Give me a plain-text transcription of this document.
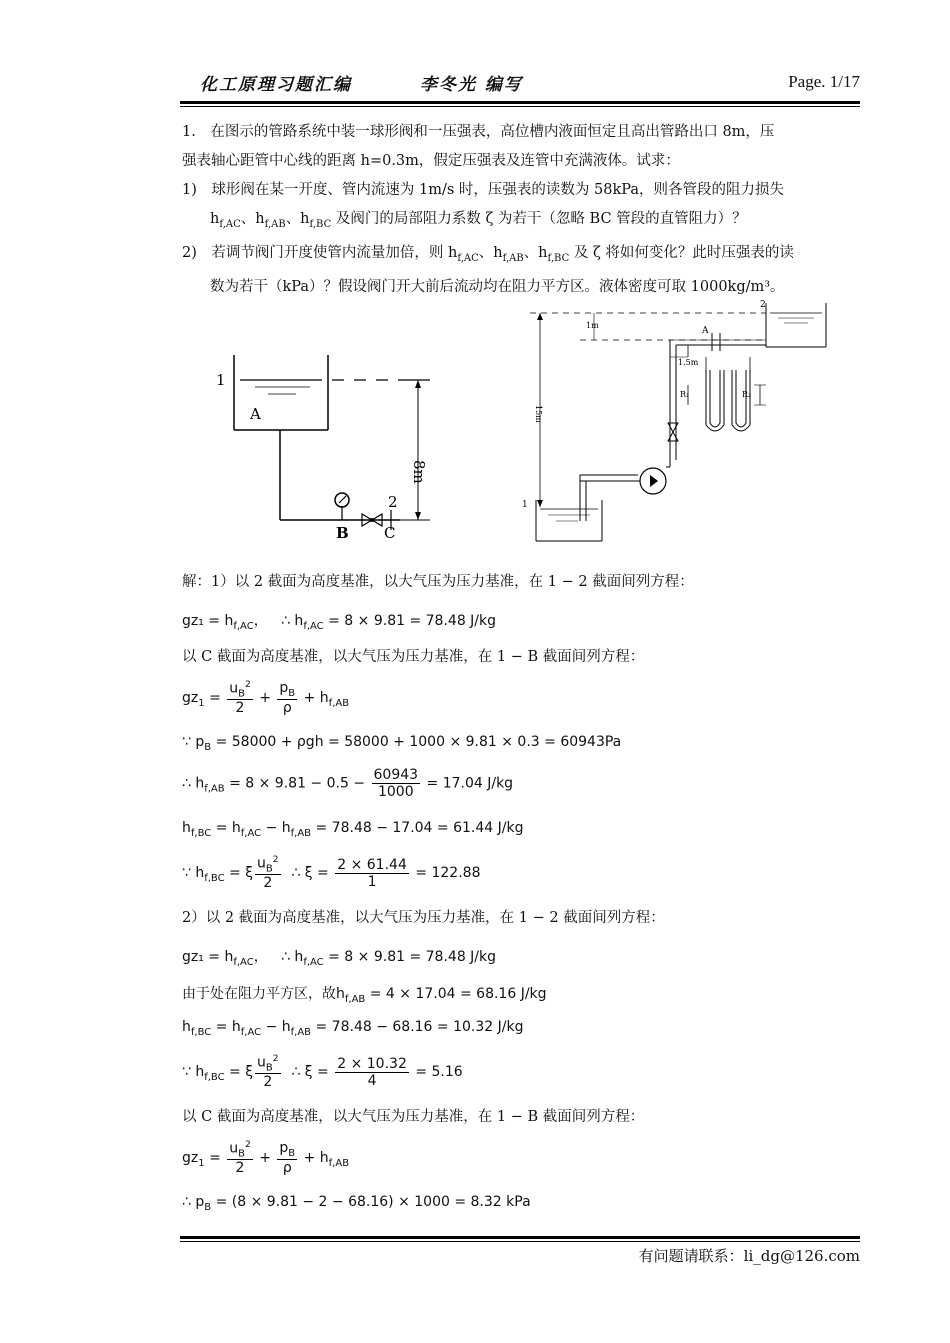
化工原理习题汇编	李冬光 编写	Page. 1/17

1.　在图示的管路系统中装一球形阀和一压强表，高位槽内液面恒定且高出管路出口 8m，压

强表轴心距管中心线的距离 h=0.3m，假定压强表及连管中充满液体。试求：

1)　球形阀在某一开度、管内流速为 1m/s 时，压强表的读数为 58kPa，则各管段的阻力损失

$h_{f,AC}$、$h_{f,AB}$、$h_{f,BC}$ 及阀门的局部阻力系数 ζ 为若干（忽略 BC 管段的直管阻力）？

2)　若调节阀门开度使管内流量加倍，则 $h_{f,AC}$、$h_{f,AB}$、$h_{f,BC}$ 及 ζ 将如何变化？此时压强表的读

数为若干（kPa）？假设阀门开大前后流动均在阻力平方区。液体密度可取 1000kg/m³。

1
A
8m
2
B C
2
1m
A
15m
1
1.5m
R₁	R₂
解：1）以 2 截面为高度基准，以大气压为压力基准，在 1 − 2 截面间列方程：
$gz_1 = h_{f,AC}$，   ∴ $h_{f,AC} = 8 \times 9.81 = 78.48$ J/kg
以 C 截面为高度基准，以大气压为压力基准，在 1 − B 截面间列方程：
$gz_1 = \frac{u_B^2}{2} + \frac{p_B}{\rho} + h_{f,AB}$
∵ $p_B = 58000 + \rho gh = 58000 + 1000 \times 9.81 \times 0.3 = 60943Pa$
∴ $h_{f,AB} = 8 \times 9.81 - 0.5 - \frac{60943}{1000} = 17.04$ J/kg
$h_{f,BC} = h_{f,AC} - h_{f,AB} = 78.48 - 17.04 = 61.44$ J/kg
∵ $h_{f,BC} = \xi \frac{u_B^2}{2}$ ∴ $\xi = \frac{2 \times 61.44}{1} = 122.88$
2）以 2 截面为高度基准，以大气压为压力基准，在 1 − 2 截面间列方程：
$gz_1 = h_{f,AC}$，   ∴ $h_{f,AC} = 8 \times 9.81 = 78.48$ J/kg
由于处在阻力平方区，故$h_{f,AB} = 4 \times 17.04 = 68.16$ J/kg
$h_{f,BC} = h_{f,AC} - h_{f,AB} = 78.48 - 68.16 = 10.32$ J/kg
∵ $h_{f,BC} = \xi \frac{u_B^2}{2}$ ∴ $\xi = \frac{2 \times 10.32}{4} = 5.16$
以 C 截面为高度基准，以大气压为压力基准，在 1 − B 截面间列方程：
$gz_1 = \frac{u_B^2}{2} + \frac{p_B}{\rho} + h_{f,AB}$
∴ $p_B = (8 \times 9.81 - 2 - 68.16) \times 1000 = 8.32$ kPa
有问题请联系：li_dg@126.com
